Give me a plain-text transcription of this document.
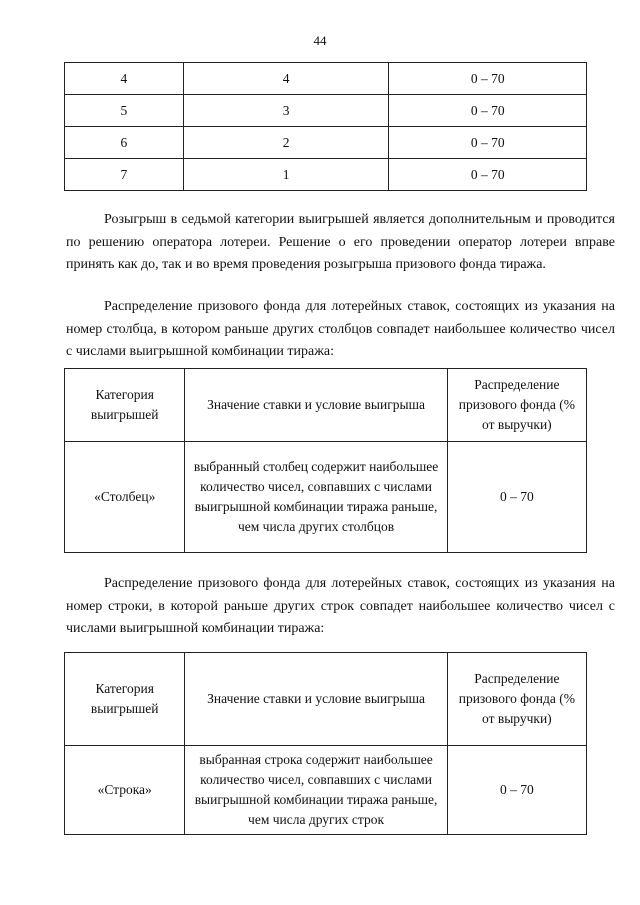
44
4	4	0 – 70
5	3	0 – 70
6	2	0 – 70
7	1	0 – 70

Розыгрыш в седьмой категории выигрышей является дополнительным и проводится по решению оператора лотереи. Решение о его проведении оператор лотереи вправе принять как до, так и во время проведения розыгрыша призового фонда тиража.

Распределение призового фонда для лотерейных ставок, состоящих из указания на номер столбца, в котором раньше других столбцов совпадет наибольшее количество чисел с числами выигрышной комбинации тиража:

Категория выигрышей	Значение ставки и условие выигрыша	Распределение призового фонда (% от выручки)
«Столбец»	выбранный столбец содержит наибольшее количество чисел, совпавших с числами выигрышной комбинации тиража раньше, чем числа других столбцов	0 – 70

Распределение призового фонда для лотерейных ставок, состоящих из указания на номер строки, в которой раньше других строк совпадет наибольшее количество чисел с числами выигрышной комбинации тиража:

Категория выигрышей	Значение ставки и условие выигрыша	Распределение призового фонда (% от выручки)
«Строка»	выбранная строка содержит наибольшее количество чисел, совпавших с числами выигрышной комбинации тиража раньше, чем числа других строк	0 – 70
